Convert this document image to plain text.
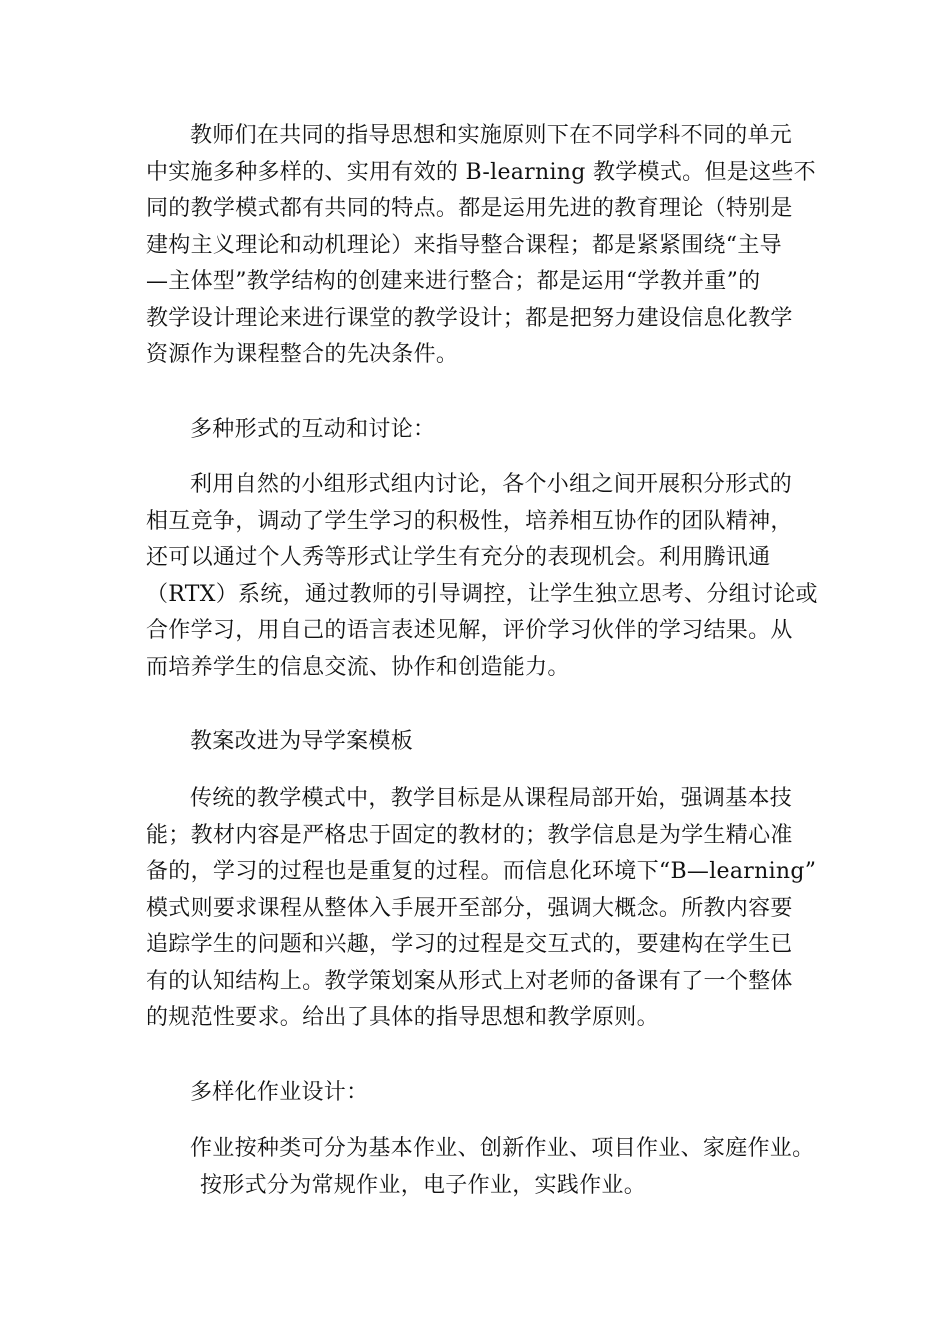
教师们在共同的指导思想和实施原则下在不同学科不同的单元
中实施多种多样的、实用有效的 B-learning 教学模式。但是这些不
同的教学模式都有共同的特点。都是运用先进的教育理论（特别是
建构主义理论和动机理论）来指导整合课程；都是紧紧围绕“主导
—主体型”教学结构的创建来进行整合；都是运用“学教并重”的
教学设计理论来进行课堂的教学设计；都是把努力建设信息化教学
资源作为课程整合的先决条件。
多种形式的互动和讨论：
利用自然的小组形式组内讨论，各个小组之间开展积分形式的
相互竞争，调动了学生学习的积极性，培养相互协作的团队精神，
还可以通过个人秀等形式让学生有充分的表现机会。利用腾讯通
（RTX）系统，通过教师的引导调控，让学生独立思考、分组讨论或
合作学习，用自己的语言表述见解，评价学习伙伴的学习结果。从
而培养学生的信息交流、协作和创造能力。
教案改进为导学案模板
传统的教学模式中，教学目标是从课程局部开始，强调基本技
能；教材内容是严格忠于固定的教材的；教学信息是为学生精心准
备的，学习的过程也是重复的过程。而信息化环境下“B—learning”
模式则要求课程从整体入手展开至部分，强调大概念。所教内容要
追踪学生的问题和兴趣，学习的过程是交互式的，要建构在学生已
有的认知结构上。教学策划案从形式上对老师的备课有了一个整体
的规范性要求。给出了具体的指导思想和教学原则。
多样化作业设计：
作业按种类可分为基本作业、创新作业、项目作业、家庭作业。
按形式分为常规作业，电子作业，实践作业。
